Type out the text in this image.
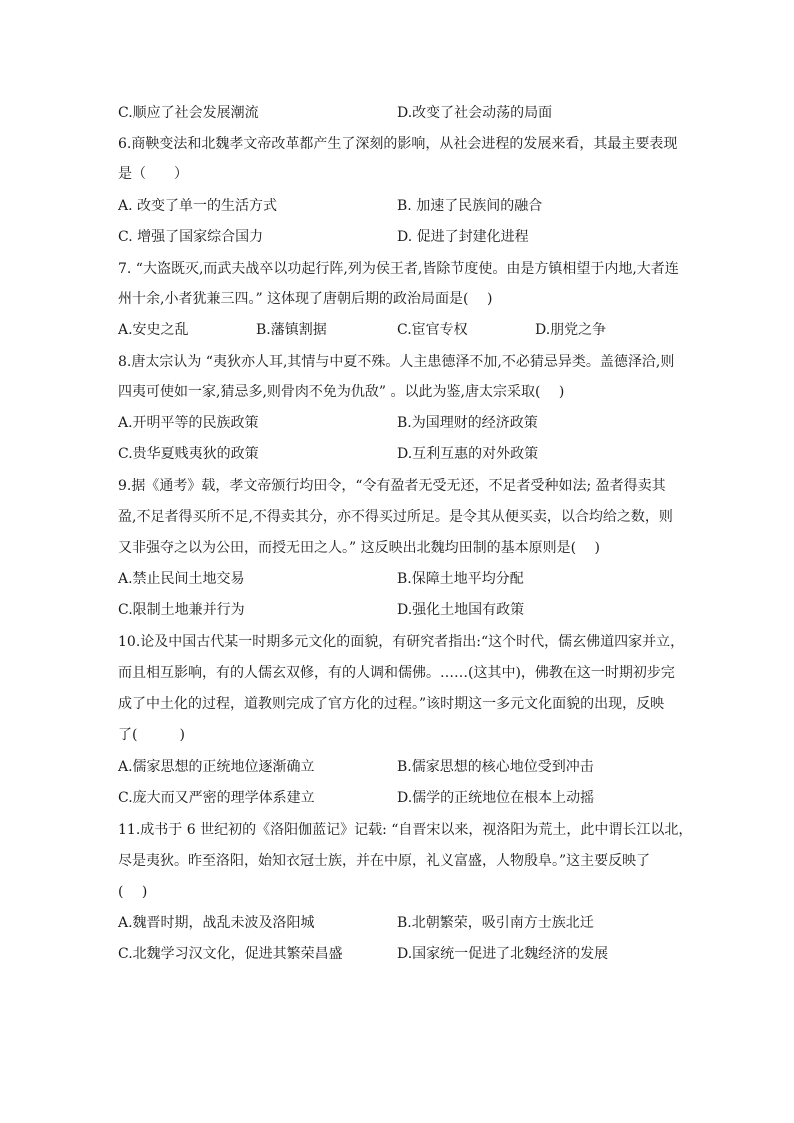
C.顺应了社会发展潮流	D.改变了社会动荡的局面
6.商鞅变法和北魏孝文帝改革都产生了深刻的影响，从社会进程的发展来看，其最主要表现
是（　　）
A. 改变了单一的生活方式	B. 加速了民族间的融合
C. 增强了国家综合国力	D. 促进了封建化进程
7. “大盗既灭,而武夫战卒以功起行阵,列为侯王者,皆除节度使。由是方镇相望于内地,大者连
州十余,小者犹兼三四。” 这体现了唐朝后期的政治局面是(　 )
A.安史之乱	B.藩镇割据	C.宦官专权	D.朋党之争
8.唐太宗认为 “夷狄亦人耳,其情与中夏不殊。人主患德泽不加,不必猜忌异类。盖德泽洽,则
四夷可使如一家,猜忌多,则骨肉不免为仇敌” 。以此为鉴,唐太宗采取(　 )
A.开明平等的民族政策	B.为国理财的经济政策
C.贵华夏贱夷狄的政策	D.互利互惠的对外政策
9.据《通考》载，孝文帝颁行均田令，“令有盈者无受无还，不足者受种如法; 盈者得卖其
盈,不足者得买所不足,不得卖其分，亦不得买过所足。是令其从便买卖，以合均给之数，则
又非强夺之以为公田，而授无田之人。” 这反映出北魏均田制的基本原则是(　 )
A.禁止民间土地交易	B.保障土地平均分配
C.限制土地兼并行为	D.强化土地国有政策
10.论及中国古代某一时期多元文化的面貌，有研究者指出:“这个时代，儒玄佛道四家并立，
而且相互影响，有的人儒玄双修，有的人调和儒佛。……(这其中)，佛教在这一时期初步完
成了中土化的过程，道教则完成了官方化的过程。”该时期这一多元文化面貌的出现，反映
了(　　　)
A.儒家思想的正统地位逐渐确立	B.儒家思想的核心地位受到冲击
C.庞大而又严密的理学体系建立	D.儒学的正统地位在根本上动摇
11.成书于 6 世纪初的《洛阳伽蓝记》记载: “自晋宋以来，视洛阳为荒土，此中谓长江以北，
尽是夷狄。昨至洛阳，始知衣冠士族，并在中原，礼义富盛，人物殷阜。”这主要反映了
(　 )
A.魏晋时期，战乱未波及洛阳城	B.北朝繁荣，吸引南方士族北迁
C.北魏学习汉文化，促进其繁荣昌盛	D.国家统一促进了北魏经济的发展
